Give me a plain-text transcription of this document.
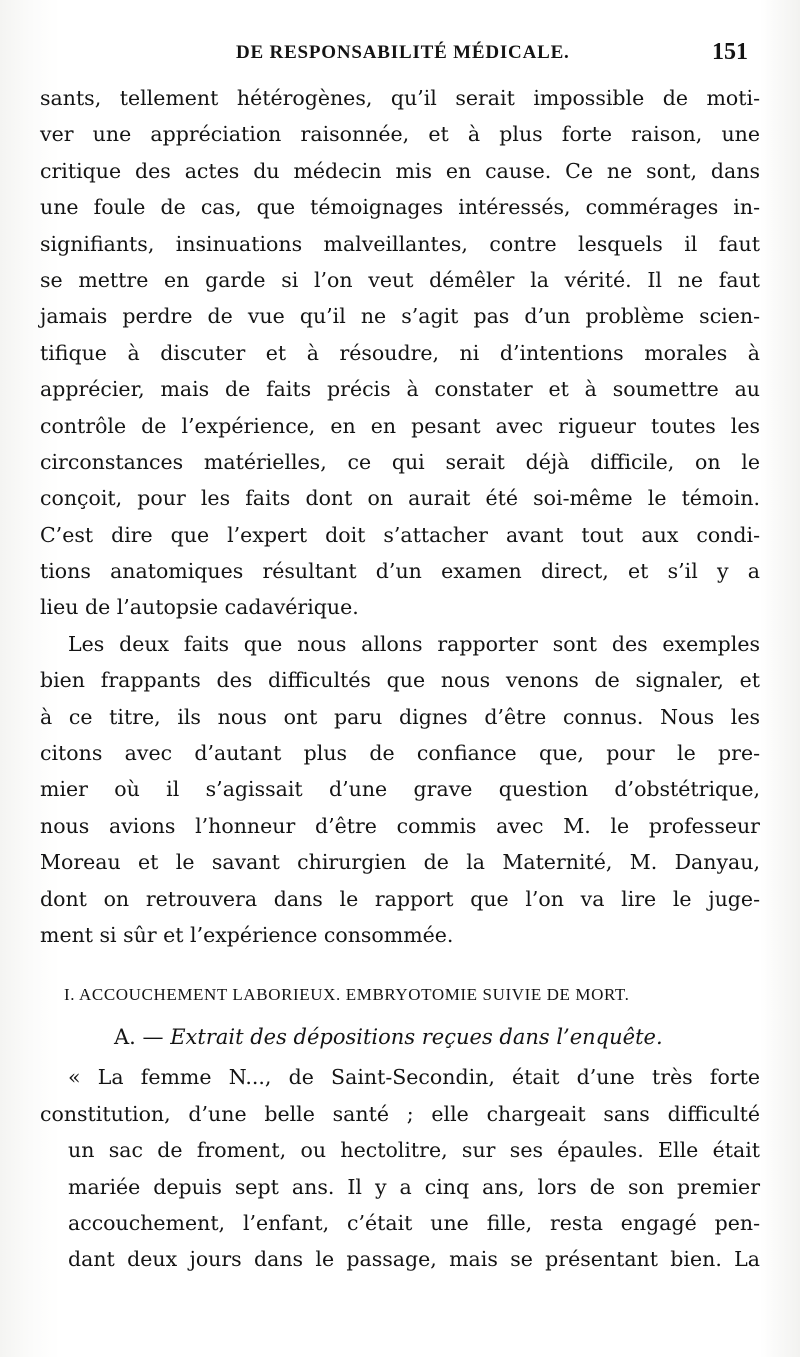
DE RESPONSABILITÉ MÉDICALE.	151
sants, tellement hétérogènes, qu’il serait impossible de moti-
ver une appréciation raisonnée, et à plus forte raison, une
critique des actes du médecin mis en cause. Ce ne sont, dans
une foule de cas, que témoignages intéressés, commérages in-
signifiants, insinuations malveillantes, contre lesquels il faut
se mettre en garde si l’on veut démêler la vérité. Il ne faut
jamais perdre de vue qu’il ne s’agit pas d’un problème scien-
tifique à discuter et à résoudre, ni d’intentions morales à
apprécier, mais de faits précis à constater et à soumettre au
contrôle de l’expérience, en en pesant avec rigueur toutes les
circonstances matérielles, ce qui serait déjà difficile, on le
conçoit, pour les faits dont on aurait été soi-même le témoin.
C’est dire que l’expert doit s’attacher avant tout aux condi-
tions anatomiques résultant d’un examen direct, et s’il y a
lieu de l’autopsie cadavérique.
Les deux faits que nous allons rapporter sont des exemples
bien frappants des difficultés que nous venons de signaler, et
à ce titre, ils nous ont paru dignes d’être connus. Nous les
citons avec d’autant plus de confiance que, pour le pre-
mier où il s’agissait d’une grave question d’obstétrique,
nous avions l’honneur d’être commis avec M. le professeur
Moreau et le savant chirurgien de la Maternité, M. Danyau,
dont on retrouvera dans le rapport que l’on va lire le juge-
ment si sûr et l’expérience consommée.
I. ACCOUCHEMENT LABORIEUX. EMBRYOTOMIE SUIVIE DE MORT.
A. — Extrait des dépositions reçues dans l’enquête.
« La femme N..., de Saint-Secondin, était d’une très forte
constitution, d’une belle santé ; elle chargeait sans difficulté
un sac de froment, ou hectolitre, sur ses épaules. Elle était
mariée depuis sept ans. Il y a cinq ans, lors de son premier
accouchement, l’enfant, c’était une fille, resta engagé pen-
dant deux jours dans le passage, mais se présentant bien. La
